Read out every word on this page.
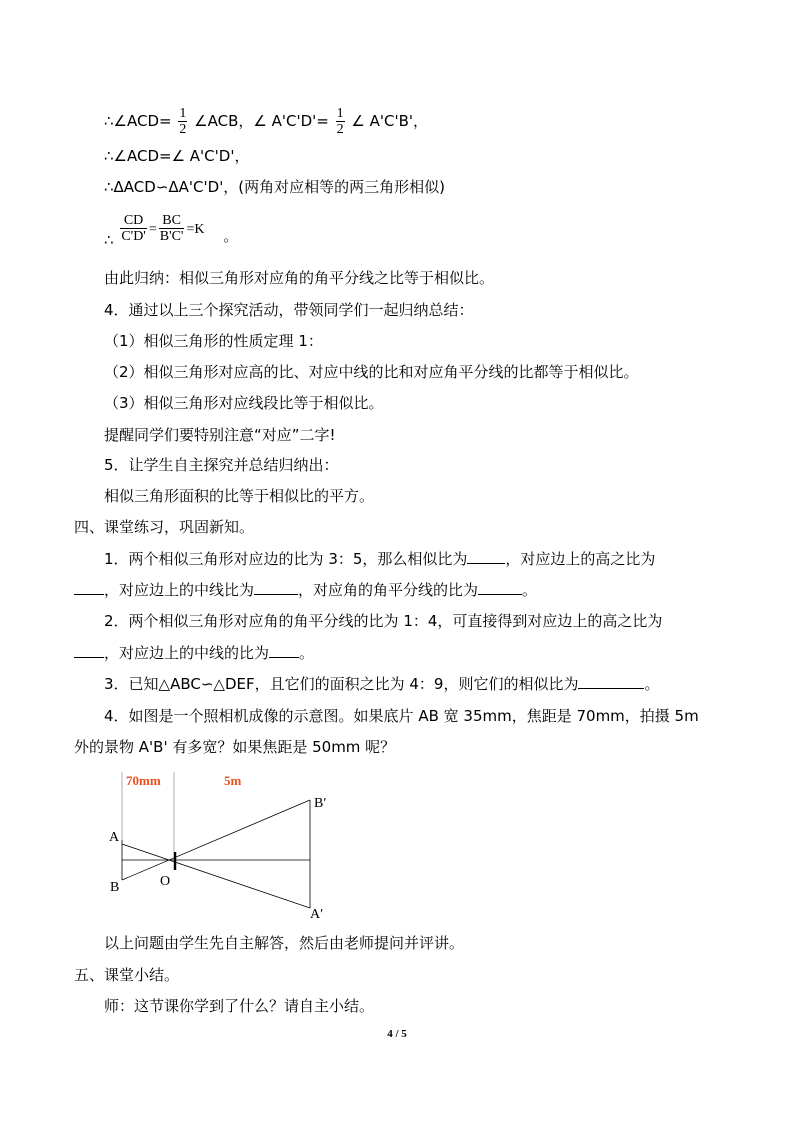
∴∠ACD= $\frac{1}{2}$ ∠ACB，∠ $A'C'D'= \frac{1}{2}$ ∠ A'C'B'，
∴∠ACD=∠ A'C'D'，
∴ΔACD∽ΔA'C'D'，(两角对应相等的两三角形相似)
∴ $\frac{CD}{C'D'} = \frac{BC}{B'C'} =K$ 。
由此归纳：相似三角形对应角的角平分线之比等于相似比。
4．通过以上三个探究活动，带领同学们一起归纳总结：
（1）相似三角形的性质定理 1：
（2）相似三角形对应高的比、对应中线的比和对应角平分线的比都等于相似比。
（3）相似三角形对应线段比等于相似比。
提醒同学们要特别注意“对应”二字!
5．让学生自主探究并总结归纳出：
相似三角形面积的比等于相似比的平方。
四、课堂练习，巩固新知。
1．两个相似三角形对应边的比为 3：5，那么相似比为	，对应边上的高之比为
，对应边上的中线比为	，对应角的角平分线的比为	。
2．两个相似三角形对应角的角平分线的比为 1：4，可直接得到对应边上的高之比为
，对应边上的中线的比为 。
3．已知△ABC∽△DEF，且它们的面积之比为 4：9，则它们的相似比为	。
4．如图是一个照相机成像的示意图。如果底片 AB 宽 35mm，焦距是 70mm，拍摄 5m
外的景物 A'B' 有多宽？如果焦距是 50mm 呢？
70mm	5m
A
B	O
B′
A′
以上问题由学生先自主解答，然后由老师提问并评讲。
五、课堂小结。
师：这节课你学到了什么？请自主小结。
4 / 5
